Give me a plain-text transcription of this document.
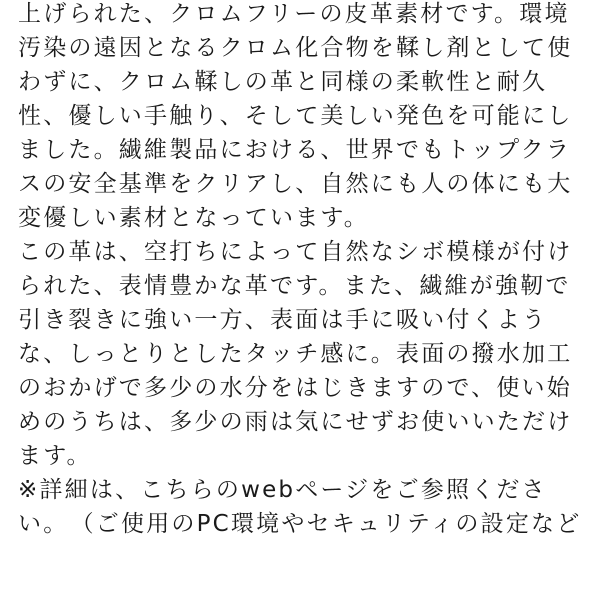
上げられた、クロムフリーの皮革素材です。環境
汚染の遠因となるクロム化合物を鞣し剤として使
わずに、クロム鞣しの革と同様の柔軟性と耐久
性、優しい手触り、そして美しい発色を可能にし
ました。繊維製品における、世界でもトップクラ
スの安全基準をクリアし、自然にも人の体にも大
変優しい素材となっています。
この革は、空打ちによって自然なシボ模様が付け
られた、表情豊かな革です。また、繊維が強靭で
引き裂きに強い一方、表面は手に吸い付くよう
な、しっとりとしたタッチ感に。表面の撥水加工
のおかげで多少の水分をはじきますので、使い始
めのうちは、多少の雨は気にせずお使いいただけ
ます。
※詳細は、こちらのwebページをご参照くださ
い。　（ご使用のPC環境やセキュリティの設定など
